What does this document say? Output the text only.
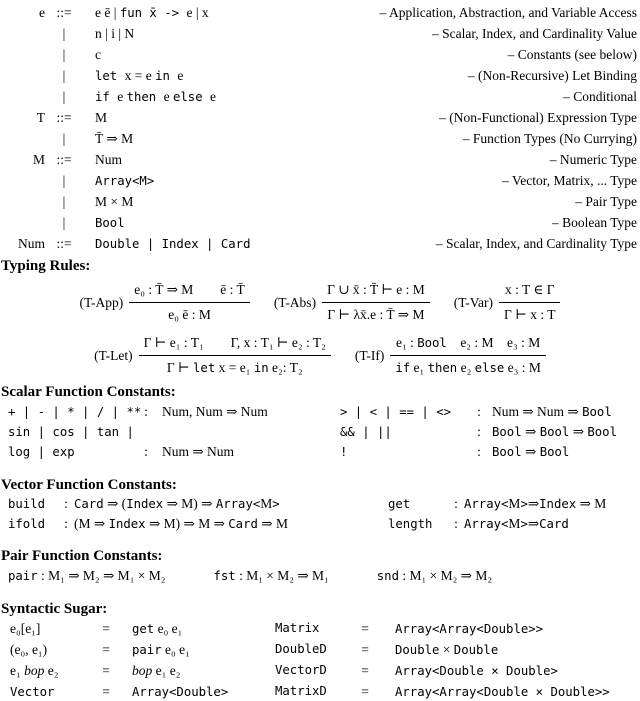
e ::=	e ē | fun x̄ -> e | x	– Application, Abstraction, and Variable Access
|	n | i | N	– Scalar, Index, and Cardinality Value
|	c	– Constants (see below)
|	let x = e in e	– (Non-Recursive) Let Binding
|	if e then e else e	– Conditional
T ::=	M	– (Non-Functional) Expression Type
|	T̄ ⇒ M	– Function Types (No Currying)
M ::=	Num	– Numeric Type
|	Array<M>	– Vector, Matrix, ... Type
|	M × M	– Pair Type
|	Bool	– Boolean Type
Num ::=	Double | Index | Card	– Scalar, Index, and Cardinality Type
Typing Rules:
$(T-App) \frac{\text{e₀ : T̄ ⇒ M  ē : T̄}}{\text{e₀ ē : M}} (T-Abs) \frac{\Gamma \cup x̄ : T̄ ⊢ e : M}{\Gamma ⊢ \lambda x̄.e : T̄ \Rightarrow M} (T-Var) \frac{x : T \in \Gamma}{\Gamma ⊢ x : T}$
$(T-Let) \frac{\text{Γ ⊢ e₁ : T₁  Γ, x : T₁ ⊢ e₂ : T₂}}{\text{Γ ⊢ let x = e₁ in e₂: T₂}} (T-If) \frac{\text{e₁ : Bool e₂ : M e₃ : M}}{\text{if e₁ then e₂ else e₃ : M}}$
Scalar Function Constants:
+ | - | * | / | ** :	Num, Num ⇒ Num
sin | cos | tan |
log | exp	:	Num ⇒ Num
> | < | == | <>	: Num ⇒ Num ⇒ Bool
&& | ||	: Bool ⇒ Bool ⇒ Bool
!	: Bool ⇒ Bool
Vector Function Constants:
build	: Card ⇒ (Index ⇒ M) ⇒ Array<M>
ifold	: (M ⇒ Index ⇒ M) ⇒ M ⇒ Card ⇒ M
get	: Array<M>⇒Index ⇒ M
length	: Array<M>⇒Card
Pair Function Constants:
pair : M₁ ⇒ M₂ ⇒ M₁ × M₂	fst : M₁ × M₂ ⇒ M₁	snd : M₁ × M₂ ⇒ M₂
Syntactic Sugar:
e₀[e₁]	=	get e₀ e₁	Matrix	=	Array<Array<Double>>
(e₀, e₁)	=	pair e₀ e₁	DoubleD	=	Double × Double
e₁ bop e₂	=	bop e₁ e₂	VectorD	=	Array<Double × Double>
Vector	=	Array<Double>	MatrixD	=	Array<Array<Double × Double>>
